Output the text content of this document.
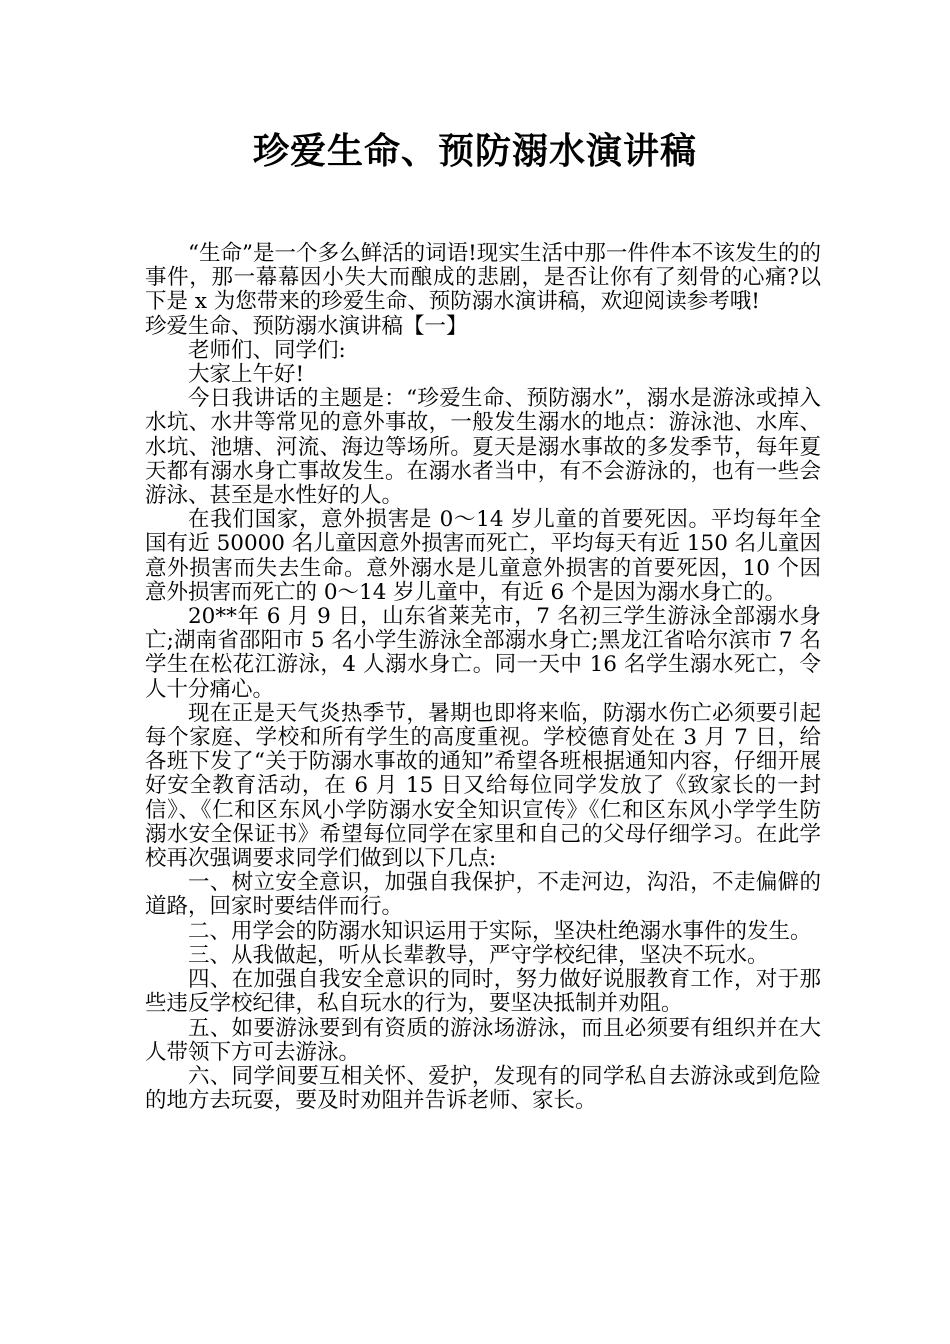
珍爱生命、预防溺水演讲稿

“生命”是一个多么鲜活的词语!现实生活中那一件件本不该发生的的事件，那一幕幕因小失大而酿成的悲剧，是否让你有了刻骨的心痛?以下是 x 为您带来的珍爱生命、预防溺水演讲稿，欢迎阅读参考哦!

珍爱生命、预防溺水演讲稿【一】

老师们、同学们:

大家上午好!

今日我讲话的主题是：“珍爱生命、预防溺水”，溺水是游泳或掉入水坑、水井等常见的意外事故，一般发生溺水的地点：游泳池、水库、水坑、池塘、河流、海边等场所。夏天是溺水事故的多发季节，每年夏天都有溺水身亡事故发生。在溺水者当中，有不会游泳的，也有一些会游泳、甚至是水性好的人。

在我们国家，意外损害是 0～14 岁儿童的首要死因。平均每年全国有近 50000 名儿童因意外损害而死亡，平均每天有近 150 名儿童因意外损害而失去生命。意外溺水是儿童意外损害的首要死因，10 个因意外损害而死亡的 0～14 岁儿童中，有近 6 个是因为溺水身亡的。

20**年 6 月 9 日，山东省莱芜市，7 名初三学生游泳全部溺水身亡;湖南省邵阳市 5 名小学生游泳全部溺水身亡;黑龙江省哈尔滨市 7 名学生在松花江游泳，4 人溺水身亡。同一天中 16 名学生溺水死亡，令人十分痛心。

现在正是天气炎热季节，暑期也即将来临，防溺水伤亡必须要引起每个家庭、学校和所有学生的高度重视。学校德育处在 3 月 7 日，给各班下发了“关于防溺水事故的通知”希望各班根据通知内容，仔细开展好安全教育活动，在 6 月 15 日又给每位同学发放了《致家长的一封信》、《仁和区东风小学防溺水安全知识宣传》《仁和区东风小学学生防溺水安全保证书》希望每位同学在家里和自己的父母仔细学习。在此学校再次强调要求同学们做到以下几点:

一、树立安全意识，加强自我保护，不走河边，沟沿，不走偏僻的道路，回家时要结伴而行。

二、用学会的防溺水知识运用于实际，坚决杜绝溺水事件的发生。

三、从我做起，听从长辈教导，严守学校纪律，坚决不玩水。

四、在加强自我安全意识的同时，努力做好说服教育工作，对于那些违反学校纪律，私自玩水的行为，要坚决抵制并劝阻。

五、如要游泳要到有资质的游泳场游泳，而且必须要有组织并在大人带领下方可去游泳。

六、同学间要互相关怀、爱护，发现有的同学私自去游泳或到危险的地方去玩耍，要及时劝阻并告诉老师、家长。
